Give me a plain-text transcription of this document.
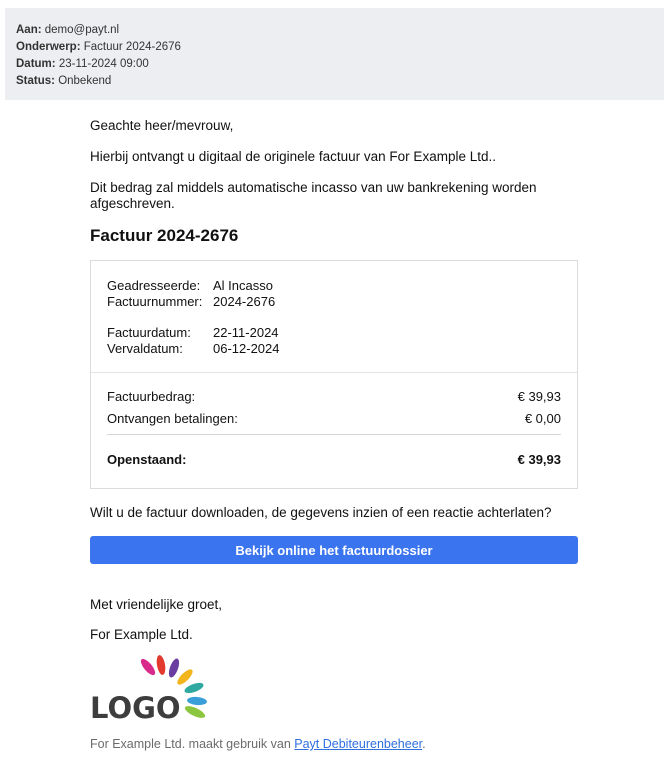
Aan: demo@payt.nl
Onderwerp: Factuur 2024-2676
Datum: 23-11-2024 09:00
Status: Onbekend
Geachte heer/mevrouw,
Hierbij ontvangt u digitaal de originele factuur van For Example Ltd..
Dit bedrag zal middels automatische incasso van uw bankrekening worden afgeschreven.
Factuur 2024-2676
Geadresseerde: Al Incasso
Factuurnummer: 2024-2676
Factuurdatum: 22-11-2024
Vervaldatum: 06-12-2024
Factuurbedrag:	€ 39,93
Ontvangen betalingen:	€ 0,00
Openstaand:	€ 39,93
Wilt u de factuur downloaden, de gegevens inzien of een reactie achterlaten?
Bekijk online het factuurdossier
Met vriendelijke groet,
For Example Ltd.
LOGO
For Example Ltd. maakt gebruik van Payt Debiteurenbeheer.
